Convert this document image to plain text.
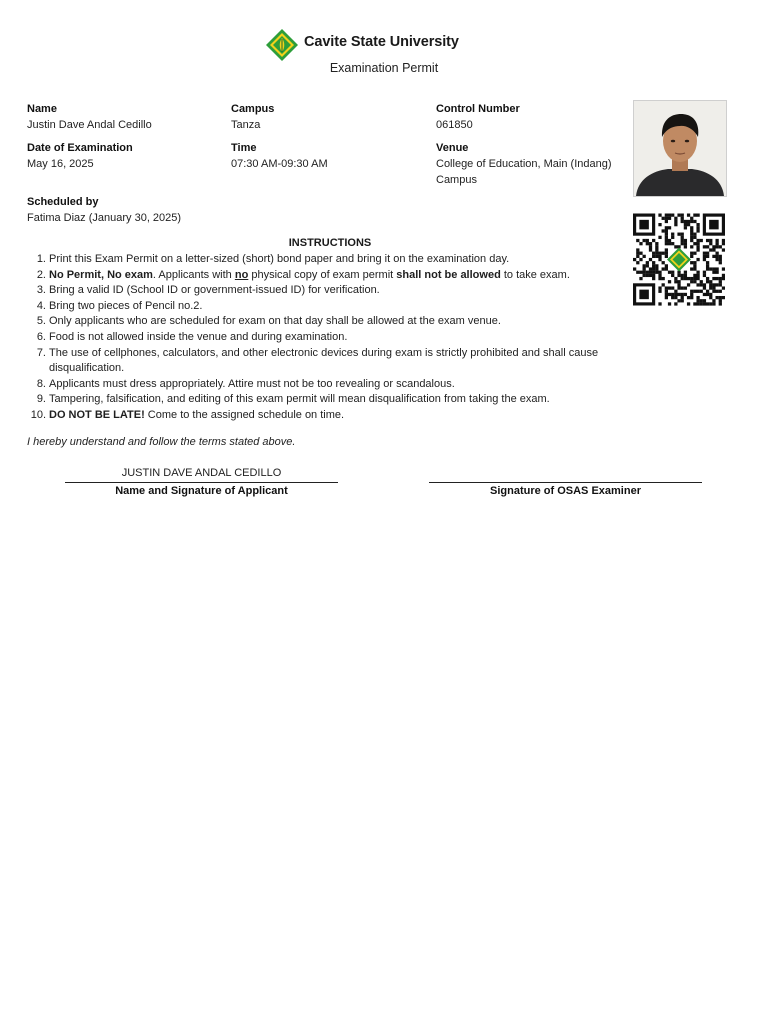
Cavite State University
Examination Permit
Name
Justin Dave Andal Cedillo
Campus
Tanza
Control Number
061850
Date of Examination
May 16, 2025
Time
07:30 AM-09:30 AM
Venue
College of Education, Main (Indang)
Campus
Scheduled by
Fatima Diaz (January 30, 2025)
INSTRUCTIONS
1. Print this Exam Permit on a letter-sized (short) bond paper and bring it on the examination day.
2. No Permit, No exam. Applicants with no physical copy of exam permit shall not be allowed to take exam.
3. Bring a valid ID (School ID or government-issued ID) for verification.
4. Bring two pieces of Pencil no.2.
5. Only applicants who are scheduled for exam on that day shall be allowed at the exam venue.
6. Food is not allowed inside the venue and during examination.
7. The use of cellphones, calculators, and other electronic devices during exam is strictly prohibited and shall cause disqualification.
8. Applicants must dress appropriately. Attire must not be too revealing or scandalous.
9. Tampering, falsification, and editing of this exam permit will mean disqualification from taking the exam.
10. DO NOT BE LATE! Come to the assigned schedule on time.
I hereby understand and follow the terms stated above.
JUSTIN DAVE ANDAL CEDILLO
Name and Signature of Applicant	Signature of OSAS Examiner
